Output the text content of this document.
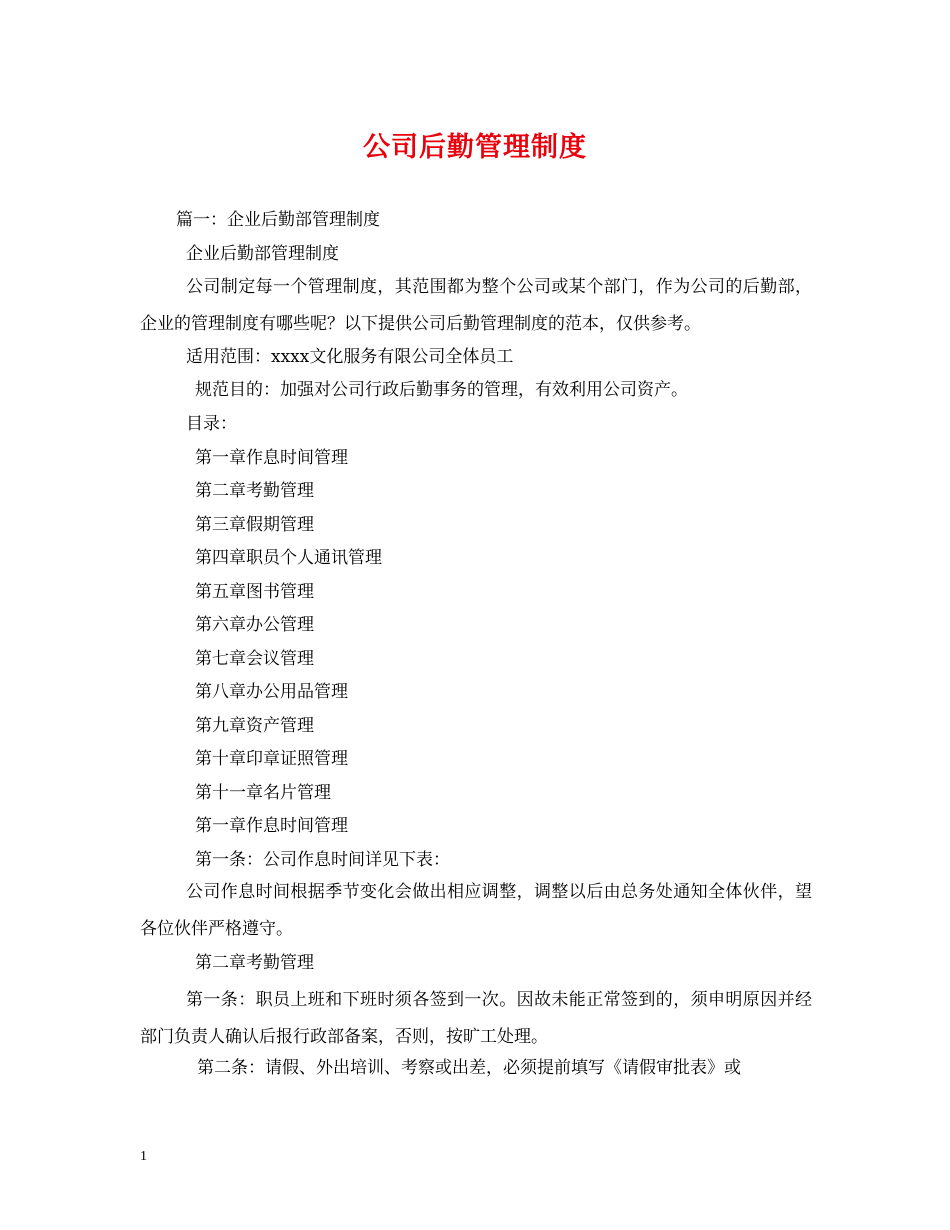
公司后勤管理制度
篇一：企业后勤部管理制度
企业后勤部管理制度
公司制定每一个管理制度，其范围都为整个公司或某个部门，作为公司的后勤部，企业的管理制度有哪些呢？以下提供公司后勤管理制度的范本，仅供参考。
适用范围：xxxx文化服务有限公司全体员工
规范目的：加强对公司行政后勤事务的管理，有效利用公司资产。
目录：
第一章作息时间管理
第二章考勤管理
第三章假期管理
第四章职员个人通讯管理
第五章图书管理
第六章办公管理
第七章会议管理
第八章办公用品管理
第九章资产管理
第十章印章证照管理
第十一章名片管理
第一章作息时间管理
第一条：公司作息时间详见下表：
公司作息时间根据季节变化会做出相应调整，调整以后由总务处通知全体伙伴，望各位伙伴严格遵守。
第二章考勤管理
第一条：职员上班和下班时须各签到一次。因故未能正常签到的，须申明原因并经部门负责人确认后报行政部备案，否则，按旷工处理。
第二条：请假、外出培训、考察或出差，必须提前填写《请假审批表》或
1
